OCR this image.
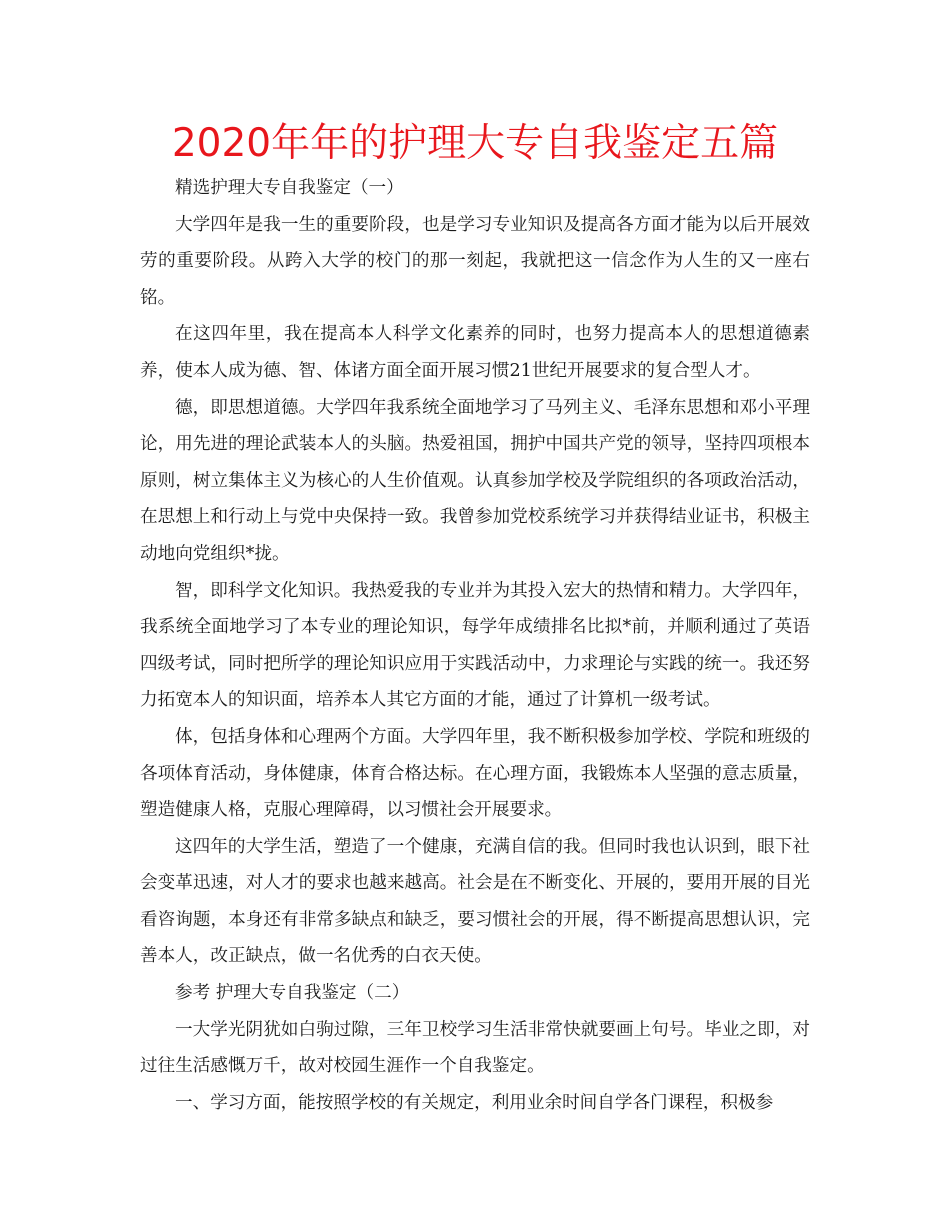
2020年年的护理大专自我鉴定五篇

精选护理大专自我鉴定（一）

大学四年是我一生的重要阶段，也是学习专业知识及提高各方面才能为以后开展效劳的重要阶段。从跨入大学的校门的那一刻起，我就把这一信念作为人生的又一座右铭。

在这四年里，我在提高本人科学文化素养的同时，也努力提高本人的思想道德素养，使本人成为德、智、体诸方面全面开展习惯21世纪开展要求的复合型人才。

德，即思想道德。大学四年我系统全面地学习了马列主义、毛泽东思想和邓小平理论，用先进的理论武装本人的头脑。热爱祖国，拥护中国共产党的领导，坚持四项根本原则，树立集体主义为核心的人生价值观。认真参加学校及学院组织的各项政治活动，在思想上和行动上与党中央保持一致。我曾参加党校系统学习并获得结业证书，积极主动地向党组织*拢。

智，即科学文化知识。我热爱我的专业并为其投入宏大的热情和精力。大学四年，我系统全面地学习了本专业的理论知识，每学年成绩排名比拟*前，并顺利通过了英语四级考试，同时把所学的理论知识应用于实践活动中，力求理论与实践的统一。我还努力拓宽本人的知识面，培养本人其它方面的才能，通过了计算机一级考试。

体，包括身体和心理两个方面。大学四年里，我不断积极参加学校、学院和班级的各项体育活动，身体健康，体育合格达标。在心理方面，我锻炼本人坚强的意志质量，塑造健康人格，克服心理障碍，以习惯社会开展要求。

这四年的大学生活，塑造了一个健康，充满自信的我。但同时我也认识到，眼下社会变革迅速，对人才的要求也越来越高。社会是在不断变化、开展的，要用开展的目光看咨询题，本身还有非常多缺点和缺乏，要习惯社会的开展，得不断提高思想认识，完善本人，改正缺点，做一名优秀的白衣天使。

参考 护理大专自我鉴定（二）

一大学光阴犹如白驹过隙，三年卫校学习生活非常快就要画上句号。毕业之即，对过往生活感慨万千，故对校园生涯作一个自我鉴定。

一、学习方面，能按照学校的有关规定，利用业余时间自学各门课程，积极参
